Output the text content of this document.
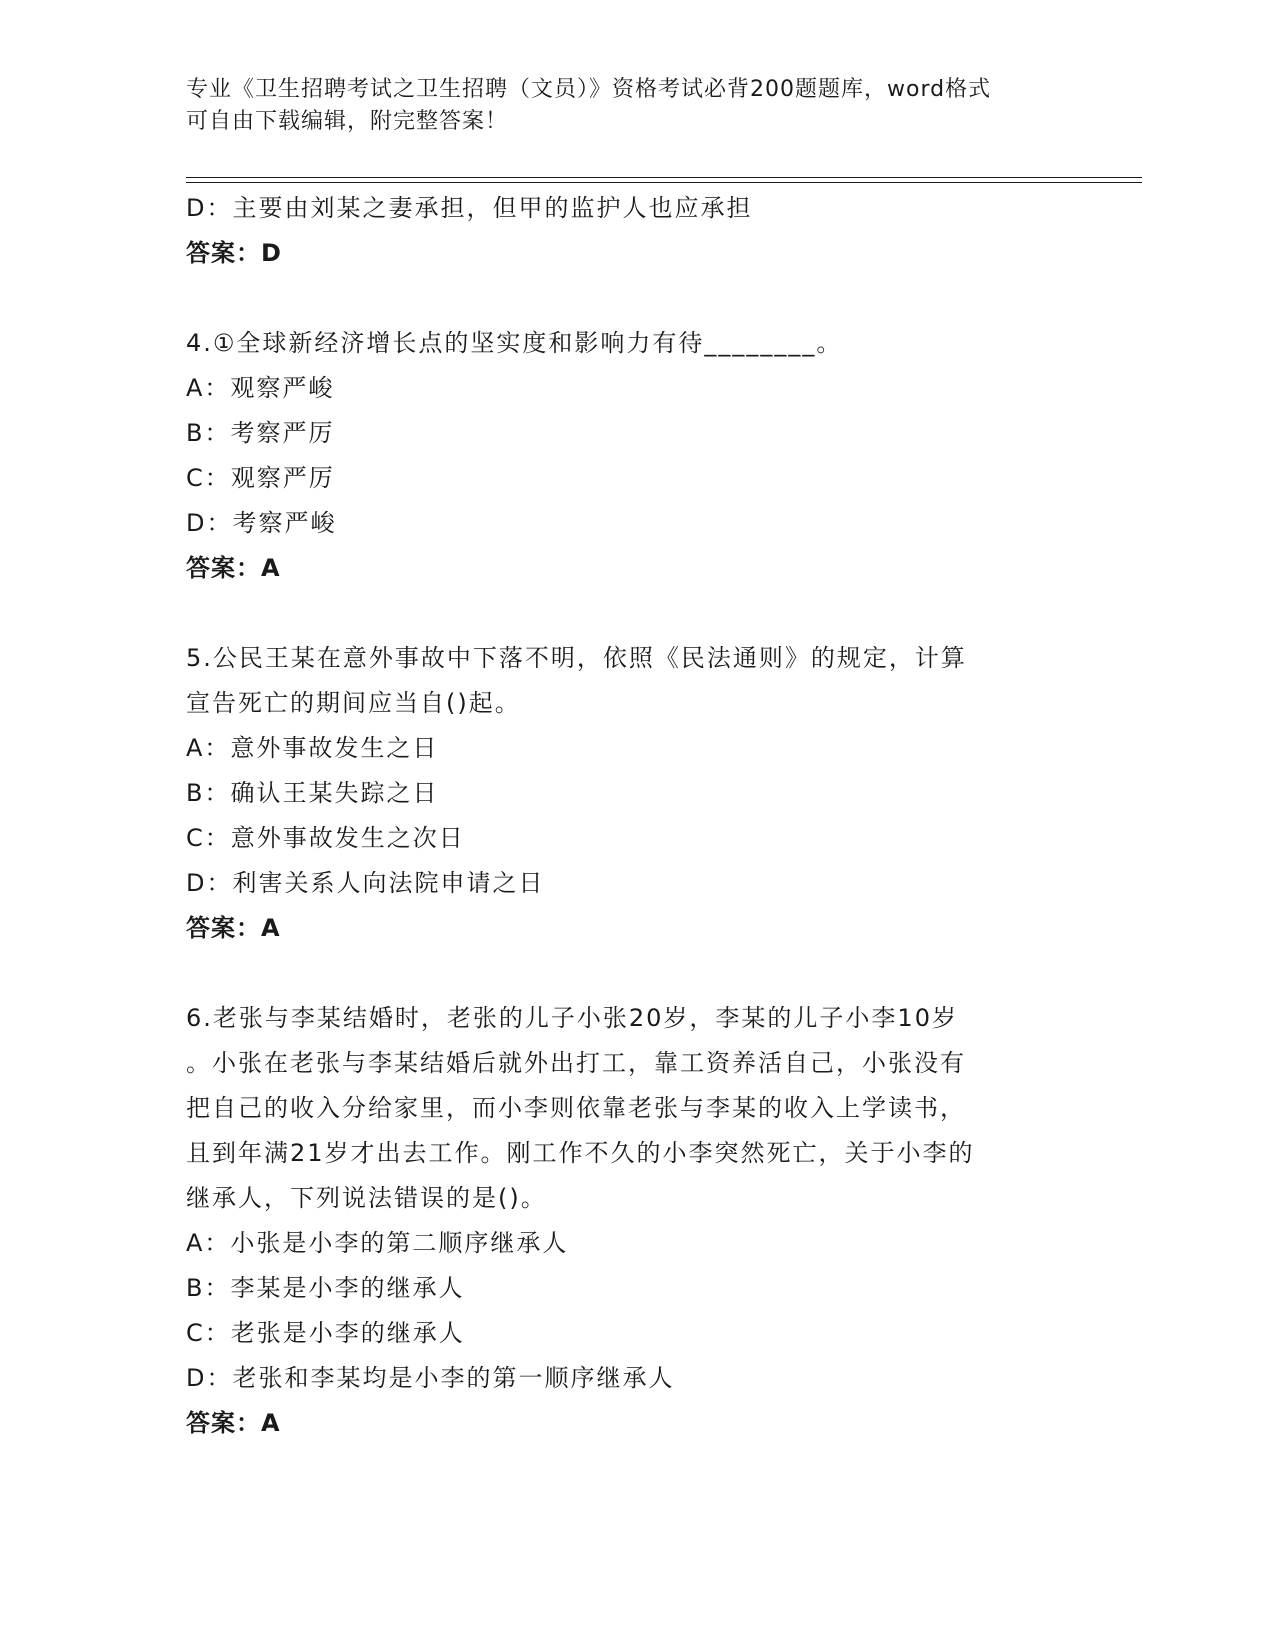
专业《卫生招聘考试之卫生招聘（文员）》资格考试必背200题题库，word格式
可自由下载编辑，附完整答案！
D：主要由刘某之妻承担，但甲的监护人也应承担
答案：D
4.①全球新经济增长点的坚实度和影响力有待________。
A：观察严峻
B：考察严厉
C：观察严厉
D：考察严峻
答案：A
5.公民王某在意外事故中下落不明，依照《民法通则》的规定，计算
宣告死亡的期间应当自()起。
A：意外事故发生之日
B：确认王某失踪之日
C：意外事故发生之次日
D：利害关系人向法院申请之日
答案：A
6.老张与李某结婚时，老张的儿子小张20岁，李某的儿子小李10岁
。小张在老张与李某结婚后就外出打工，靠工资养活自己，小张没有
把自己的收入分给家里，而小李则依靠老张与李某的收入上学读书，
且到年满21岁才出去工作。刚工作不久的小李突然死亡，关于小李的
继承人，下列说法错误的是()。
A：小张是小李的第二顺序继承人
B：李某是小李的继承人
C：老张是小李的继承人
D：老张和李某均是小李的第一顺序继承人
答案：A
